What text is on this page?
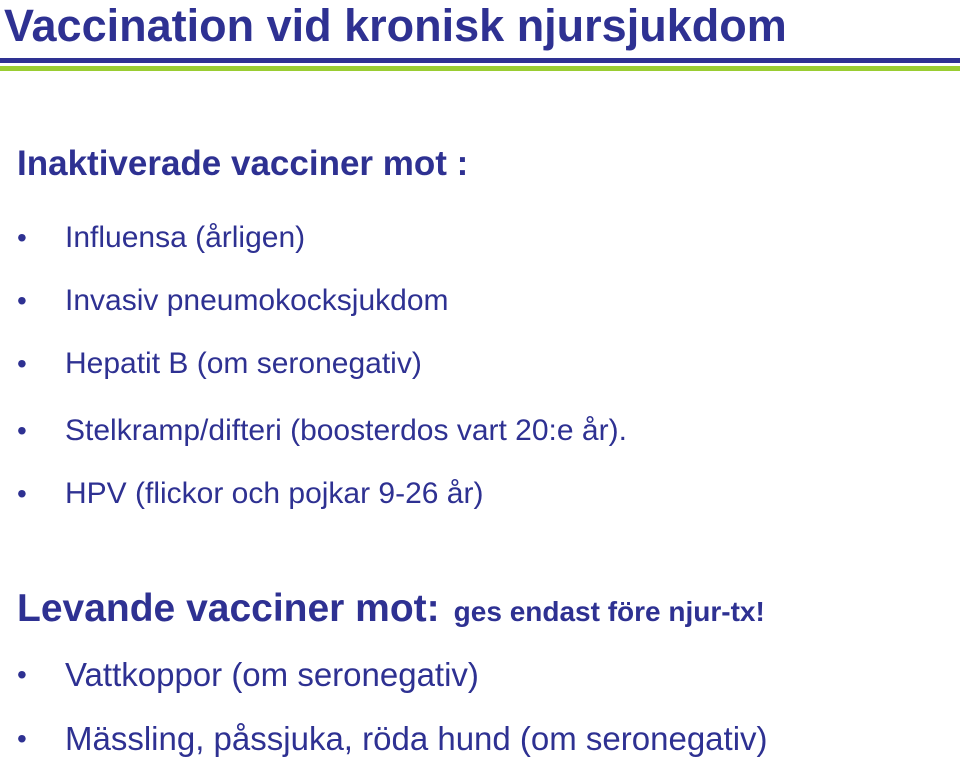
Vaccination vid kronisk njursjukdom
Inaktiverade vacciner mot :
• Influensa (årligen)
• Invasiv pneumokocksjukdom
• Hepatit B (om seronegativ)
• Stelkramp/difteri (boosterdos vart 20:e år).
• HPV (flickor och pojkar 9-26 år)
Levande vacciner mot: ges endast före njur-tx!
• Vattkoppor (om seronegativ)
• Mässling, påssjuka, röda hund (om seronegativ)
